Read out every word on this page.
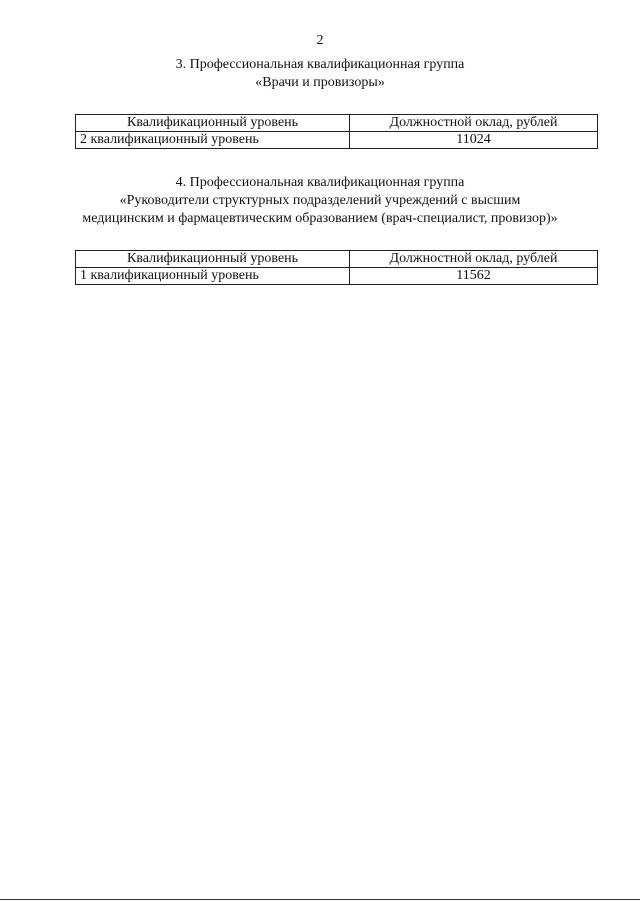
2
3. Профессиональная квалификационная группа
«Врачи и провизоры»
Квалификационный уровень	Должностной оклад, рублей
2 квалификационный уровень	11024
4. Профессиональная квалификационная группа
«Руководители структурных подразделений учреждений с высшим
медицинским и фармацевтическим образованием (врач-специалист, провизор)»
Квалификационный уровень	Должностной оклад, рублей
1 квалификационный уровень	11562
